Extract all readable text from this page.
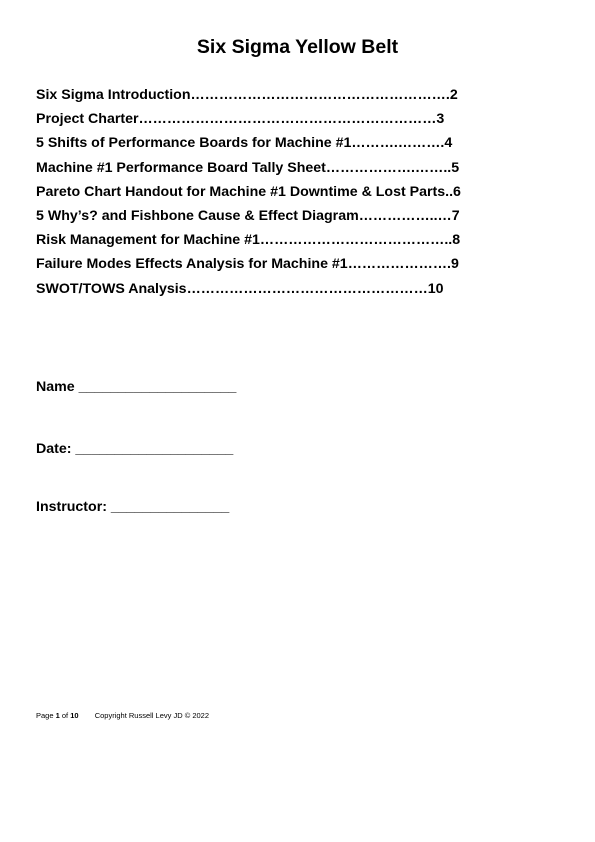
Six Sigma Yellow Belt
Six Sigma Introduction……………………………………………….2
Project Charter………………………………………………………3
5 Shifts of Performance Boards for Machine #1……….……….4
Machine #1 Performance Board Tally Sheet……………….……..5
Pareto Chart Handout for Machine #1 Downtime & Lost Parts..6
5 Why’s? and Fishbone Cause & Effect Diagram……………..…7
Risk Management for Machine #1…………………………………..8
Failure Modes Effects Analysis for Machine #1………………….9
SWOT/TOWS Analysis……………………………………………10
Name ____________________
Date: ____________________
Instructor: _______________
Page 1 of 10 Copyright Russell Levy JD © 2022
